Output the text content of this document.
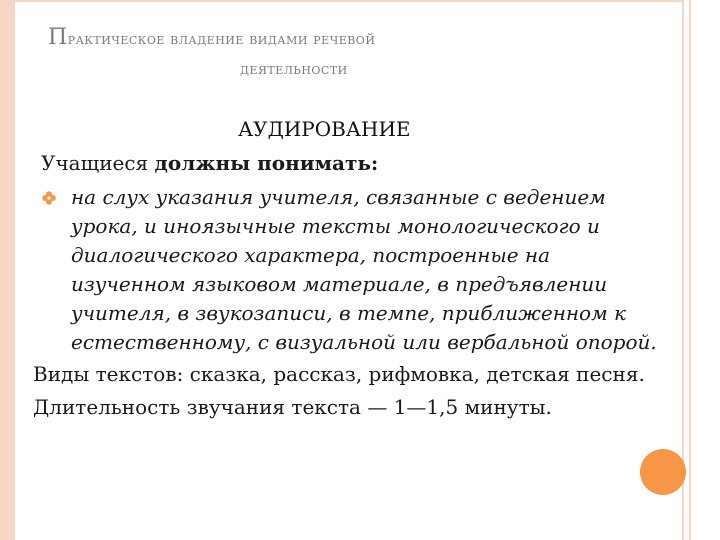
Практическое владение видами речевой
деятельности
АУДИРОВАНИЕ
Учащиеся должны понимать:
на слух указания учителя, связанные с ведением урока, и иноязычные тексты монологического и диалогического характера, построенные на изученном языковом материале, в предъявлении учителя, в звукозаписи, в темпе, приближенном к естественному, с визуальной или вербальной опорой.
Виды текстов: сказка, рассказ, рифмовка, детская песня.
Длительность звучания текста — 1—1,5 минуты.
